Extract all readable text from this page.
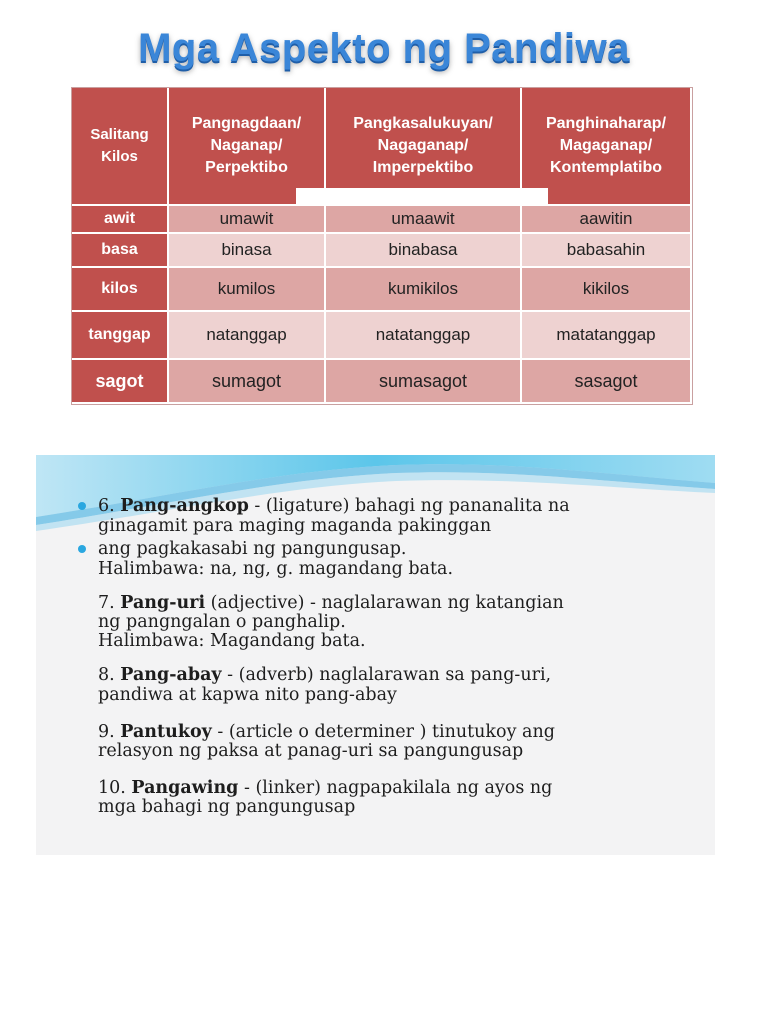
Mga Aspekto ng Pandiwa
Salitang
Kilos	Pangnagdaan/
Naganap/
Perpektibo	Pangkasalukuyan/
Nagaganap/
Imperpektibo	Panghinaharap/
Magaganap/
Kontemplatibo
awit	umawit	umaawit	aawitin
basa	binasa	binabasa	babasahin
kilos	kumilos	kumikilos	kikilos
tanggap	natanggap	natatanggap	matatanggap
sagot	sumagot	sumasagot	sasagot
6. Pang-angkop - (ligature) bahagi ng pananalita na
ginagamit para maging maganda pakinggan
ang pagkakasabi ng pangungusap.
Halimbawa: na, ng, g. magandang bata.
7. Pang-uri (adjective) - naglalarawan ng katangian
ng pangngalan o panghalip.
Halimbawa: Magandang bata.
8. Pang-abay - (adverb) naglalarawan sa pang-uri,
pandiwa at kapwa nito pang-abay
9. Pantukoy - (article o determiner ) tinutukoy ang
relasyon ng paksa at panag-uri sa pangungusap
10. Pangawing - (linker) nagpapakilala ng ayos ng
mga bahagi ng pangungusap
